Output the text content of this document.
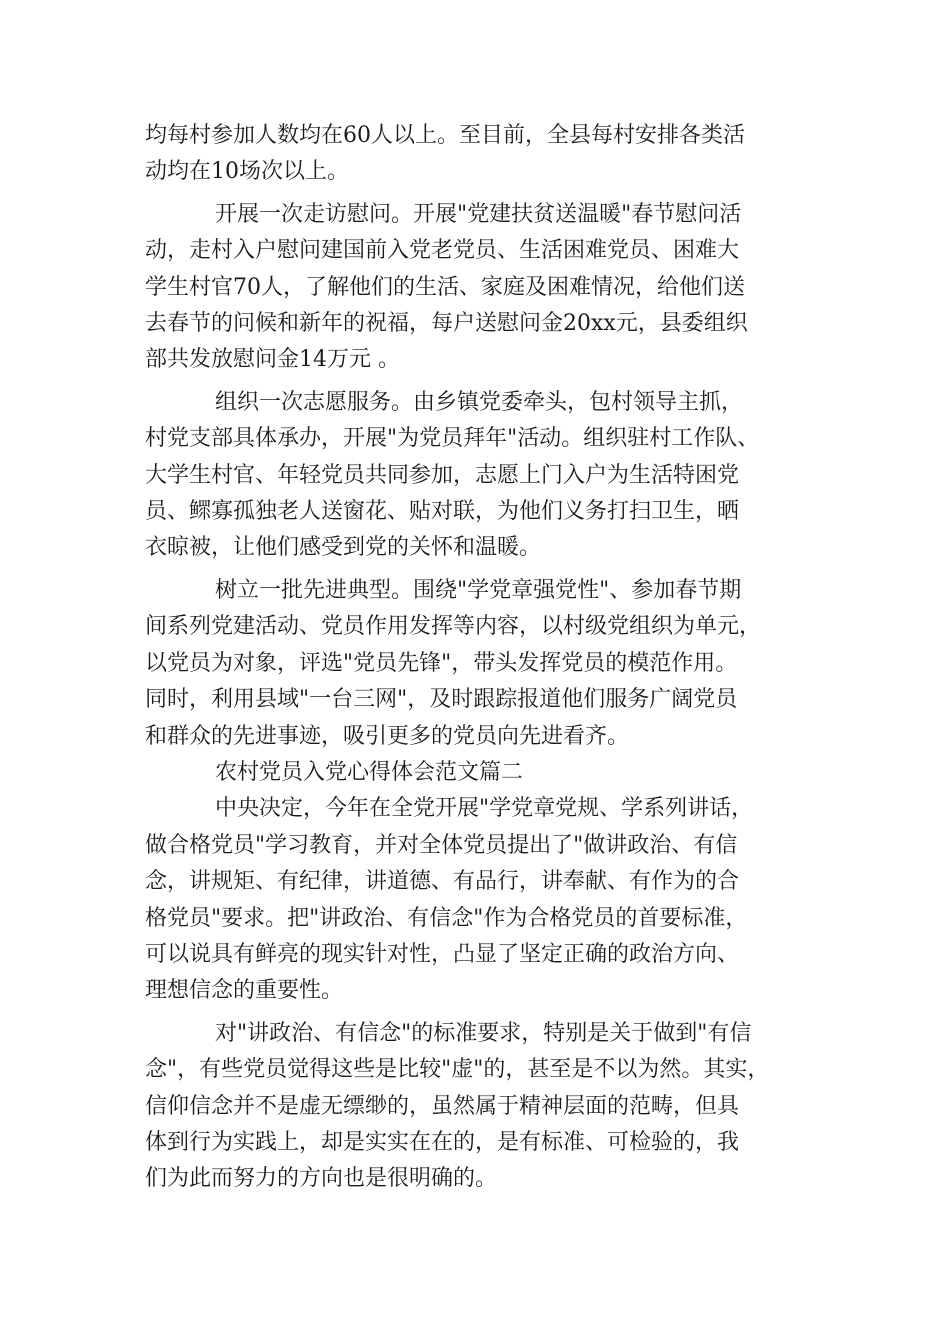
均每村参加人数均在60人以上。至目前，全县每村安排各类活
动均在10场次以上。

开展一次走访慰问。开展"党建扶贫送温暖"春节慰问活
动，走村入户慰问建国前入党老党员、生活困难党员、困难大
学生村官70人，了解他们的生活、家庭及困难情况，给他们送
去春节的问候和新年的祝福，每户送慰问金20xx元，县委组织
部共发放慰问金14万元 。

组织一次志愿服务。由乡镇党委牵头，包村领导主抓，
村党支部具体承办，开展"为党员拜年"活动。组织驻村工作队、
大学生村官、年轻党员共同参加，志愿上门入户为生活特困党
员、鳏寡孤独老人送窗花、贴对联，为他们义务打扫卫生，晒
衣晾被，让他们感受到党的关怀和温暖。

树立一批先进典型。围绕"学党章强党性"、参加春节期
间系列党建活动、党员作用发挥等内容，以村级党组织为单元，
以党员为对象，评选"党员先锋"，带头发挥党员的模范作用。
同时，利用县域"一台三网"，及时跟踪报道他们服务广阔党员
和群众的先进事迹，吸引更多的党员向先进看齐。

农村党员入党心得体会范文篇二

中央决定，今年在全党开展"学党章党规、学系列讲话，
做合格党员"学习教育，并对全体党员提出了"做讲政治、有信
念，讲规矩、有纪律，讲道德、有品行，讲奉献、有作为的合
格党员"要求。把"讲政治、有信念"作为合格党员的首要标准，
可以说具有鲜亮的现实针对性，凸显了坚定正确的政治方向、
理想信念的重要性。

对"讲政治、有信念"的标准要求，特别是关于做到"有信
念"，有些党员觉得这些是比较"虚"的，甚至是不以为然。其实，
信仰信念并不是虚无缥缈的，虽然属于精神层面的范畴，但具
体到行为实践上，却是实实在在的，是有标准、可检验的，我
们为此而努力的方向也是很明确的。
